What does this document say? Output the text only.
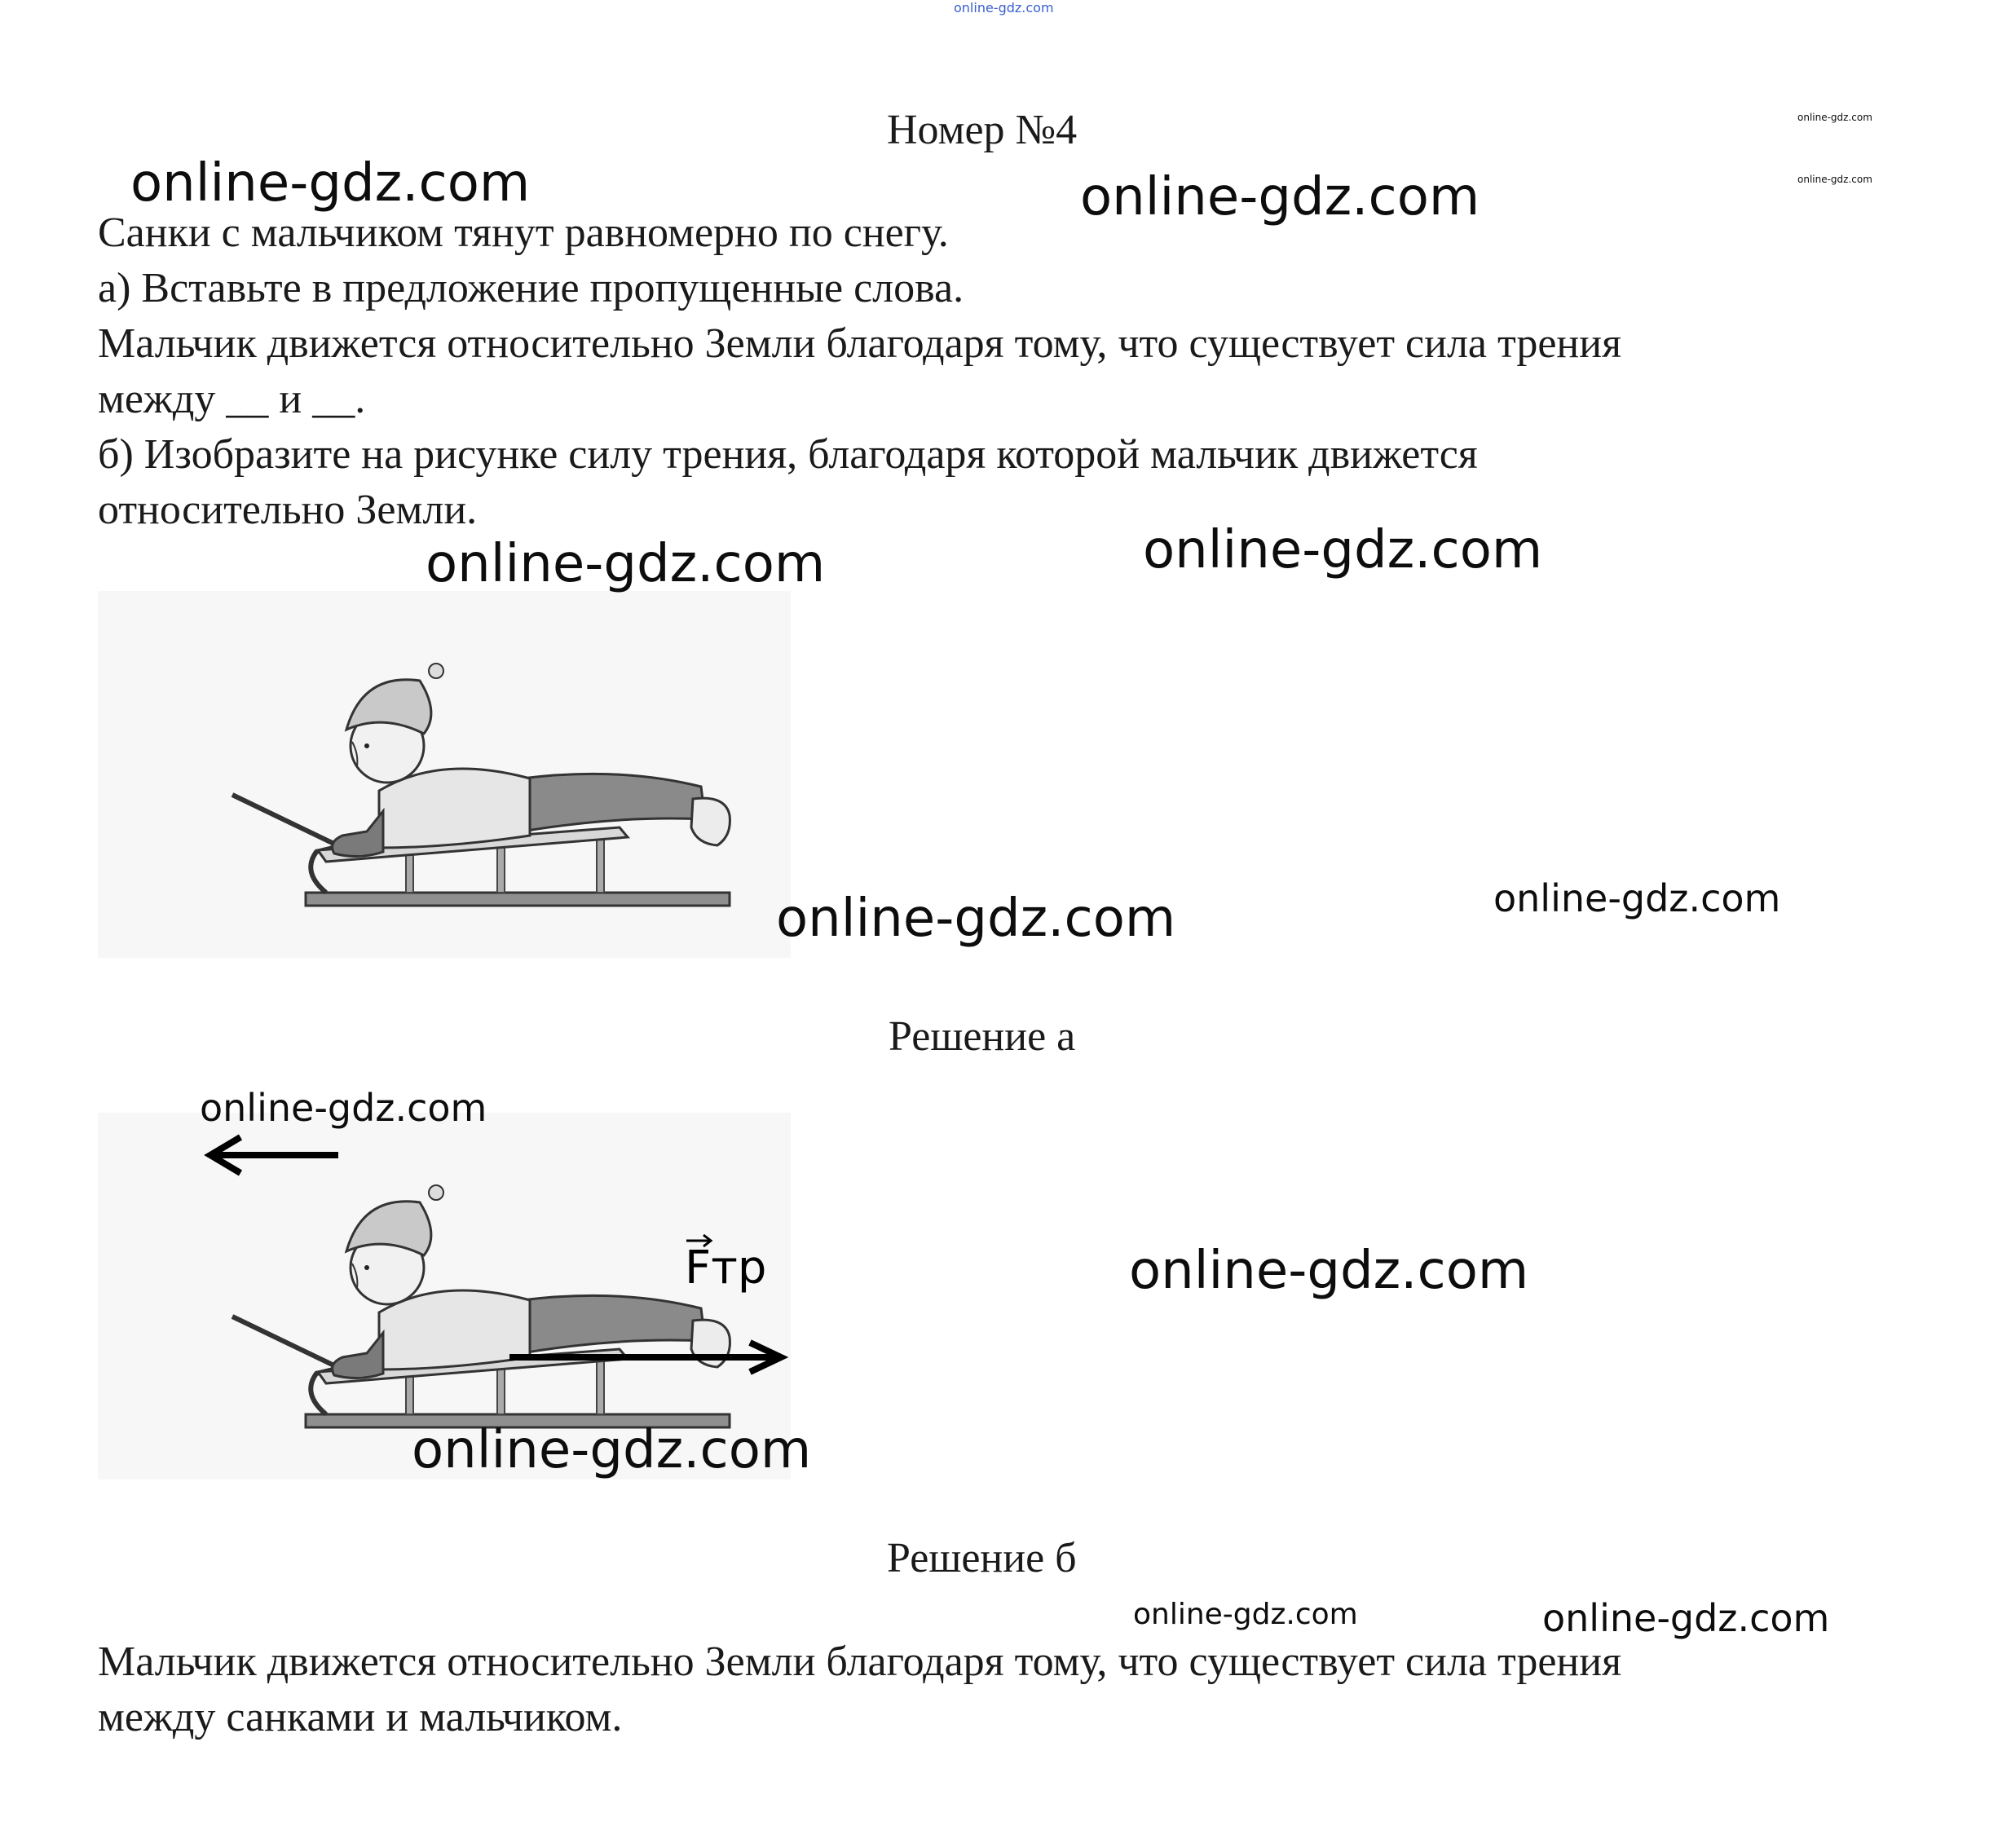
online-gdz.com
Номер №4
Санки с мальчиком тянут равномерно по снегу.
а) Вставьте в предложение пропущенные слова.
Мальчик движется относительно Земли благодаря тому, что существует сила трения
между __ и __.
б) Изобразите на рисунке силу трения, благодаря которой мальчик движется
относительно Земли.
Решение а
Fтр
Решение б
Мальчик движется относительно Земли благодаря тому, что существует сила трения
между санками и мальчиком.
online-gdz.com	online-gdz.com
online-gdz.com
online-gdz.com
online-gdz.com	online-gdz.com
online-gdz.com	online-gdz.com
online-gdz.com
online-gdz.com
online-gdz.com
online-gdz.com	online-gdz.com
